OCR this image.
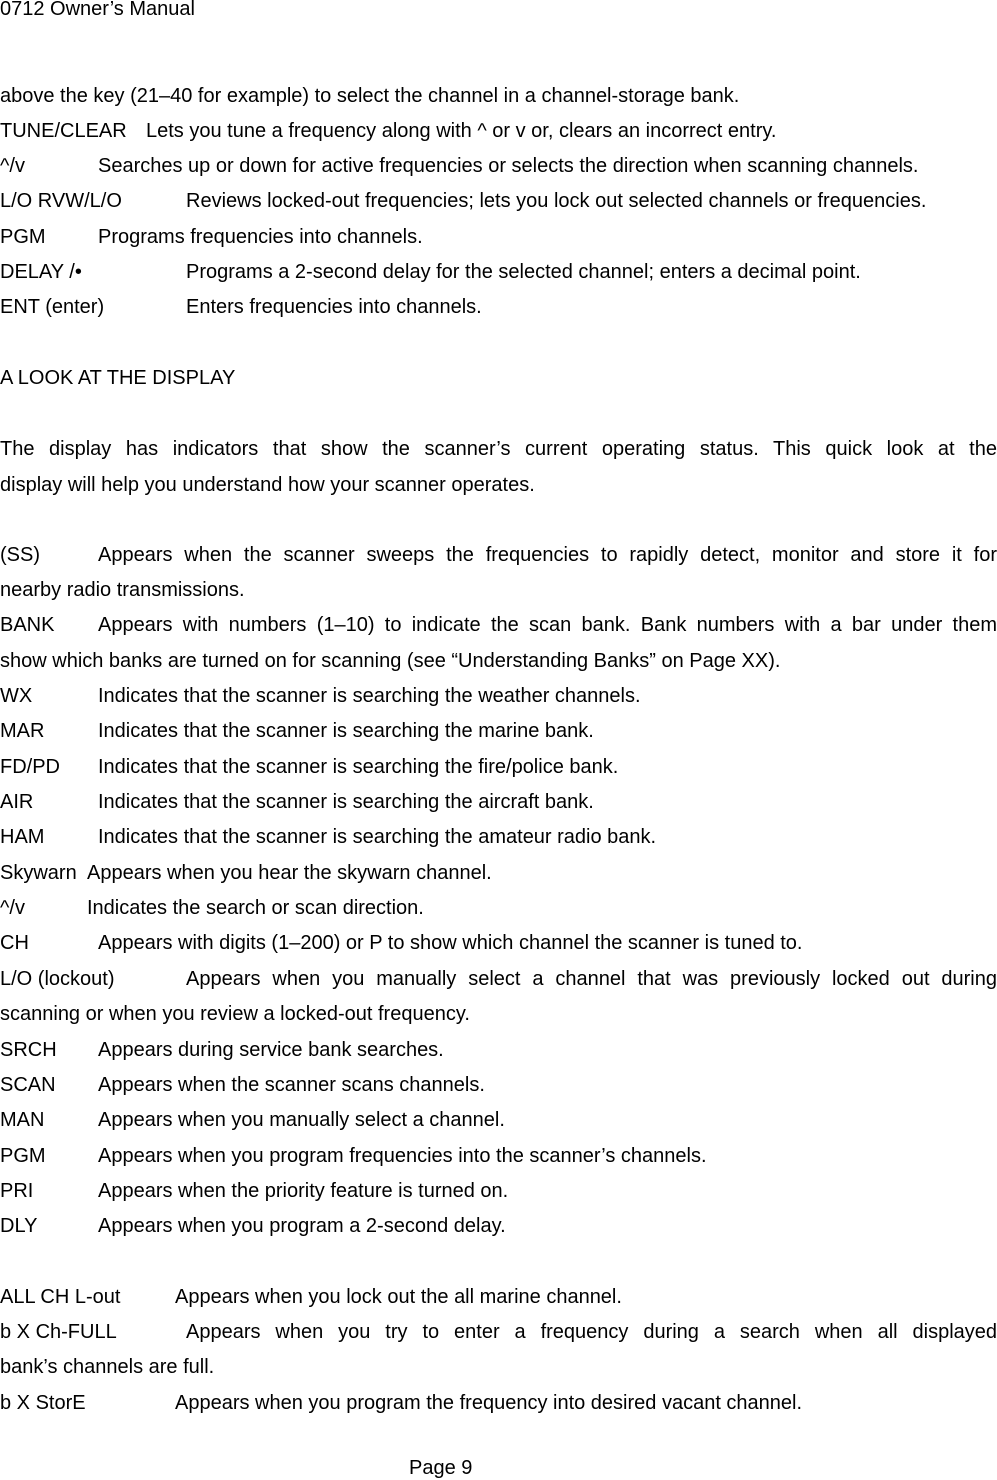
0712 Owner’s Manual
above the key (21–40 for example) to select the channel in a channel-storage bank.
TUNE/CLEAR Lets you tune a frequency along with ^ or v or, clears an incorrect entry.
^/v	Searches up or down for active frequencies or selects the direction when scanning channels.
L/O RVW/L/O	Reviews locked-out frequencies; lets you lock out selected channels or frequencies.
PGM	Programs frequencies into channels.
DELAY /•	Programs a 2-second delay for the selected channel; enters a decimal point.
ENT (enter)	Enters frequencies into channels.
A LOOK AT THE DISPLAY
The display has indicators that show the scanner’s current operating status. This quick look at the
display will help you understand how your scanner operates.
(SS)	Appears when the scanner sweeps the frequencies to rapidly detect, monitor and store it for
nearby radio transmissions.
BANK Appears with numbers (1–10) to indicate the scan bank. Bank numbers with a bar under them
show which banks are turned on for scanning (see “Understanding Banks” on Page XX).
WX	Indicates that the scanner is searching the weather channels.
MAR	Indicates that the scanner is searching the marine bank.
FD/PD Indicates that the scanner is searching the fire/police bank.
AIR	Indicates that the scanner is searching the aircraft bank.
HAM	Indicates that the scanner is searching the amateur radio bank.
Skywarn Appears when you hear the skywarn channel.
^/v	Indicates the search or scan direction.
CH	Appears with digits (1–200) or P to show which channel the scanner is tuned to.
L/O (lockout)	Appears when you manually select a channel that was previously locked out during
scanning or when you review a locked-out frequency.
SRCH Appears during service bank searches.
SCAN Appears when the scanner scans channels.
MAN	Appears when you manually select a channel.
PGM	Appears when you program frequencies into the scanner’s channels.
PRI	Appears when the priority feature is turned on.
DLY	Appears when you program a 2-second delay.
ALL CH L-out	Appears when you lock out the all marine channel.
b X Ch-FULL	Appears when you try to enter a frequency during a search when all displayed
bank’s channels are full.
b X StorE	Appears when you program the frequency into desired vacant channel.
Page 9
